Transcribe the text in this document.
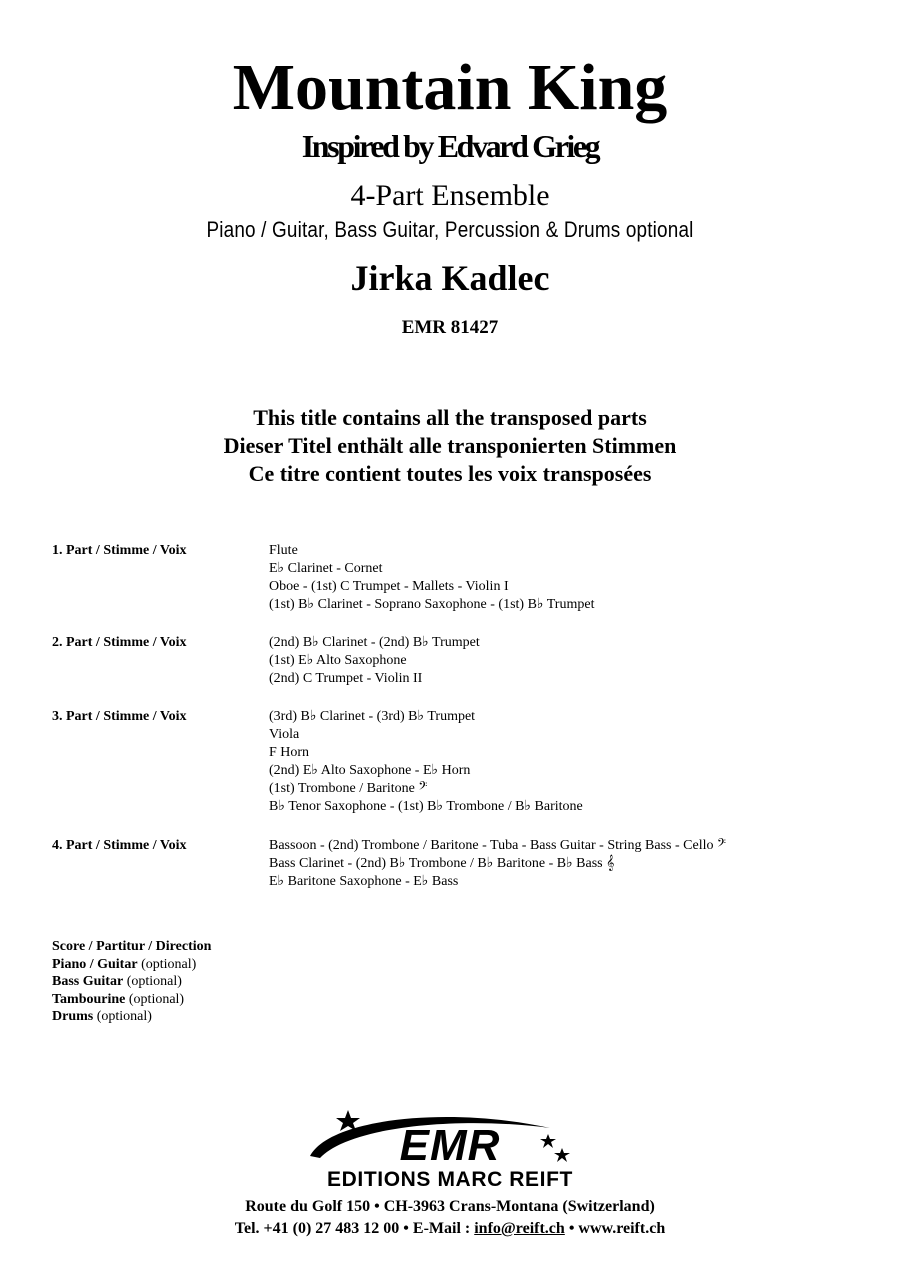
Mountain King
Inspired by Edvard Grieg
4-Part Ensemble
Piano / Guitar, Bass Guitar, Percussion & Drums optional
Jirka Kadlec
EMR 81427
This title contains all the transposed parts
Dieser Titel enthält alle transponierten Stimmen
Ce titre contient toutes les voix transposées
1. Part / Stimme / Voix	Flute
E♭ Clarinet - Cornet
Oboe - (1st) C Trumpet - Mallets - Violin I
(1st) B♭ Clarinet - Soprano Saxophone - (1st) B♭ Trumpet
2. Part / Stimme / Voix	(2nd) B♭ Clarinet - (2nd) B♭ Trumpet
(1st) E♭ Alto Saxophone
(2nd) C Trumpet - Violin II
3. Part / Stimme / Voix	(3rd) B♭ Clarinet - (3rd) B♭ Trumpet
Viola
F Horn
(2nd) E♭ Alto Saxophone - E♭ Horn
(1st) Trombone / Baritone 𝄢
B♭ Tenor Saxophone - (1st) B♭ Trombone / B♭ Baritone
4. Part / Stimme / Voix	Bassoon - (2nd) Trombone / Baritone - Tuba - Bass Guitar - String Bass - Cello 𝄢
Bass Clarinet - (2nd) B♭ Trombone / B♭ Baritone - B♭ Bass 𝄞
E♭ Baritone Saxophone - E♭ Bass
Score / Partitur / Direction
Piano / Guitar (optional)
Bass Guitar (optional)
Tambourine (optional)
Drums (optional)
EMR
EDITIONS MARC REIFT
Route du Golf 150 • CH-3963 Crans-Montana (Switzerland)
Tel. +41 (0) 27 483 12 00 • E-Mail : info@reift.ch • www.reift.ch
